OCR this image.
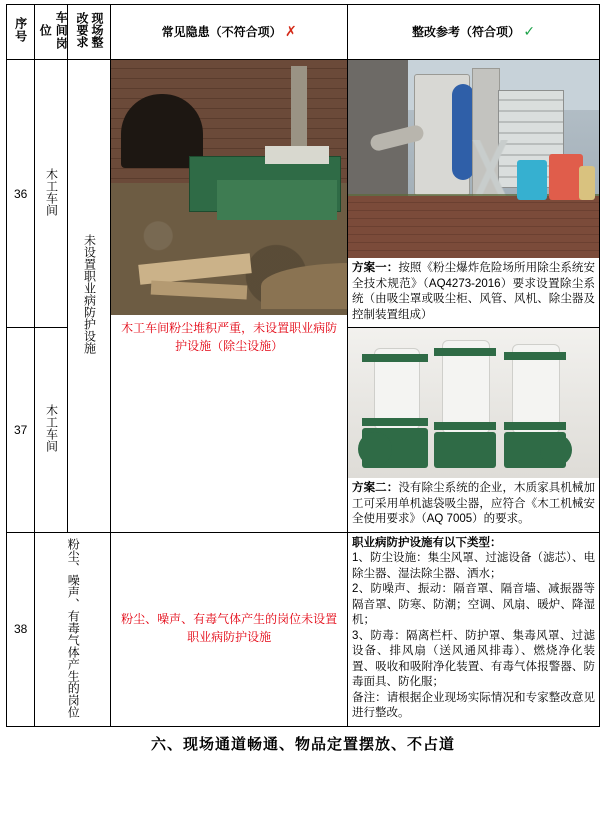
序号	车间岗位	现场整改要求	常见隐患（不符合项） ✗	整改参考（符合项） ✓
36	木工车间	未设置职业病防护设施	木工车间粉尘堆积严重，未设置职业病防护设施（除尘设施）	方案一：按照《粉尘爆炸危险场所用除尘系统安全技术规范》（AQ4273-2016）要求设置除尘系统（由吸尘罩或吸尘柜、风管、风机、除尘器及控制装置组成）

37	木工车间			方案二：没有除尘系统的企业，木质家具机械加工可采用单机滤袋吸尘器，应符合《木工机械安全使用要求》（AQ 7005）的要求。

38	粉尘、噪声、有毒气体产生的岗位		粉尘、噪声、有毒气体产生的岗位未设置职业病防护设施	职业病防护设施有以下类型：
1、防尘设施：集尘风罩、过滤设备（滤芯）、电除尘器、湿法除尘器、洒水；
2、防噪声、振动：隔音罩、隔音墙、减振器等隔音罩、防寒、防潮；空调、风扇、暖炉、降湿机；
3、防毒：隔离栏杆、防护罩、集毒风罩、过滤设备、排风扇（送风通风排毒）、燃烧净化装置、吸收和吸附净化装置、有毒气体报警器、防毒面具、防化服；
备注：请根据企业现场实际情况和专家整改意见进行整改。
六、现场通道畅通、物品定置摆放、不占道
